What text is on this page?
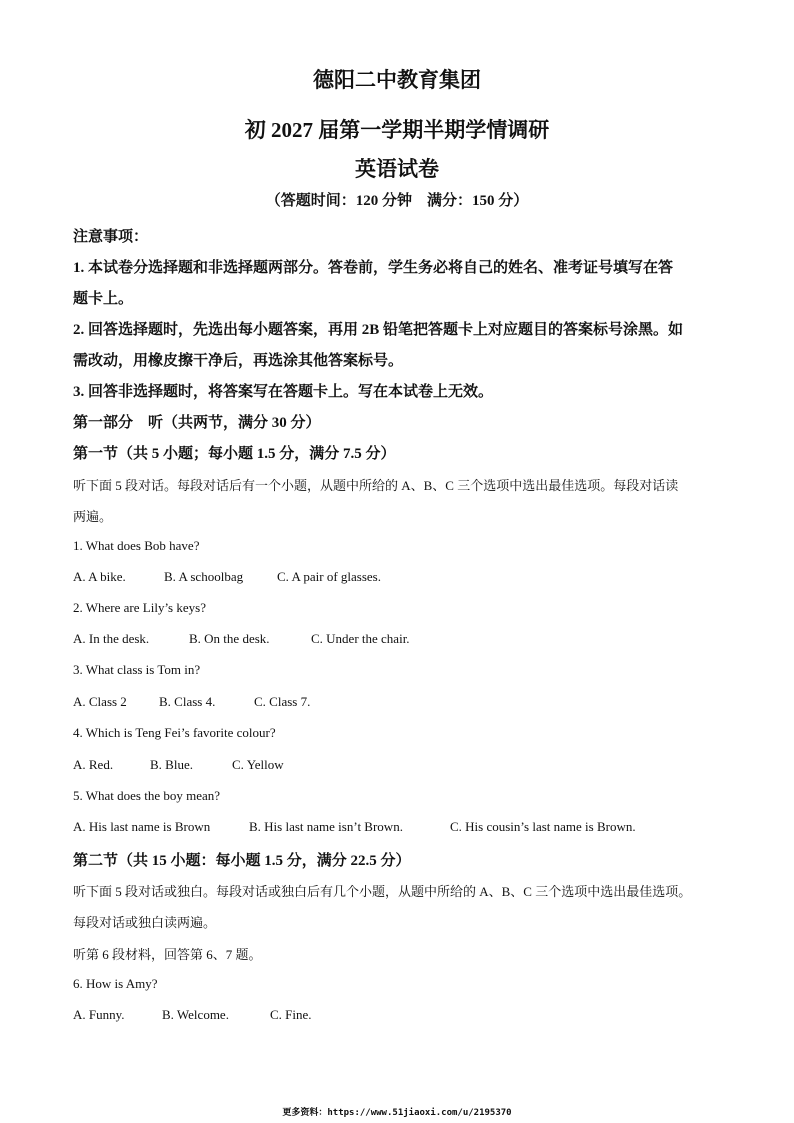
德阳二中教育集团
初 2027 届第一学期半期学情调研
英语试卷
（答题时间：120 分钟　满分：150 分）
注意事项：
1. 本试卷分选择题和非选择题两部分。答卷前，学生务必将自己的姓名、准考证号填写在答
题卡上。
2. 回答选择题时，先选出每小题答案，再用 2B 铅笔把答题卡上对应题目的答案标号涂黑。如
需改动，用橡皮擦干净后，再选涂其他答案标号。
3. 回答非选择题时，将答案写在答题卡上。写在本试卷上无效。
第一部分　听（共两节，满分 30 分）
第一节（共 5 小题；每小题 1.5 分，满分 7.5 分）
听下面 5 段对话。每段对话后有一个小题，从题中所给的 A、B、C 三个选项中选出最佳选项。每段对话读
两遍。
1. What does Bob have?
A. A bike.	B. A schoolbag	C. A pair of glasses.
2. Where are Lily’s keys?
A. In the desk.	B. On the desk.	C. Under the chair.
3. What class is Tom in?
A. Class 2 B. Class 4.	C. Class 7.
4. Which is Teng Fei’s favorite colour?
A. Red.	B. Blue.	C. Yellow
5. What does the boy mean?
A. His last name is Brown	B. His last name isn’t Brown.	C. His cousin’s last name is Brown.
第二节（共 15 小题：每小题 1.5 分，满分 22.5 分）
听下面 5 段对话或独白。每段对话或独白后有几个小题，从题中所给的 A、B、C 三个选项中选出最佳选项。
每段对话或独白读两遍。
听第 6 段材料，回答第 6、7 题。
6. How is Amy?
A. Funny.	B. Welcome.	C. Fine.
更多资料：https://www.51jiaoxi.com/u/2195370
